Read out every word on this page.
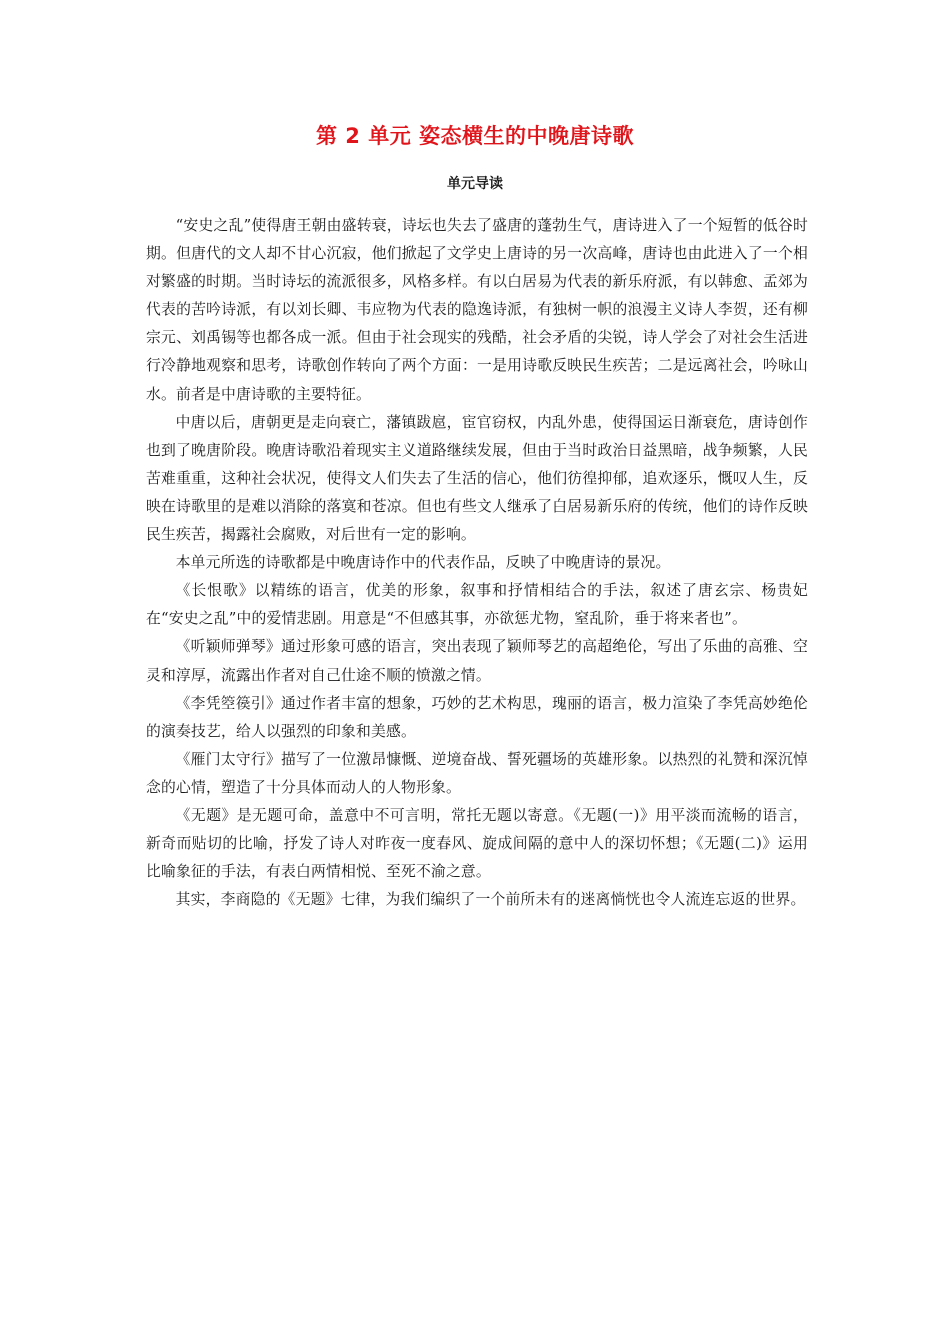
第 2 单元 姿态横生的中晚唐诗歌
单元导读

“安史之乱”使得唐王朝由盛转衰，诗坛也失去了盛唐的蓬勃生气，唐诗进入了一个短暂的低谷时期。但唐代的文人却不甘心沉寂，他们掀起了文学史上唐诗的另一次高峰，唐诗也由此进入了一个相对繁盛的时期。当时诗坛的流派很多，风格多样。有以白居易为代表的新乐府派，有以韩愈、孟郊为代表的苦吟诗派，有以刘长卿、韦应物为代表的隐逸诗派，有独树一帜的浪漫主义诗人李贺，还有柳宗元、刘禹锡等也都各成一派。但由于社会现实的残酷，社会矛盾的尖锐，诗人学会了对社会生活进行冷静地观察和思考，诗歌创作转向了两个方面：一是用诗歌反映民生疾苦；二是远离社会，吟咏山水。前者是中唐诗歌的主要特征。

中唐以后，唐朝更是走向衰亡，藩镇跋扈，宦官窃权，内乱外患，使得国运日渐衰危，唐诗创作也到了晚唐阶段。晚唐诗歌沿着现实主义道路继续发展，但由于当时政治日益黑暗，战争频繁，人民苦难重重，这种社会状况，使得文人们失去了生活的信心，他们彷徨抑郁，追欢逐乐，慨叹人生，反映在诗歌里的是难以消除的落寞和苍凉。但也有些文人继承了白居易新乐府的传统，他们的诗作反映民生疾苦，揭露社会腐败，对后世有一定的影响。

本单元所选的诗歌都是中晚唐诗作中的代表作品，反映了中晚唐诗的景况。

《长恨歌》以精练的语言，优美的形象，叙事和抒情相结合的手法，叙述了唐玄宗、杨贵妃在“安史之乱”中的爱情悲剧。用意是“不但感其事，亦欲惩尤物，窒乱阶，垂于将来者也”。

《听颖师弹琴》通过形象可感的语言，突出表现了颖师琴艺的高超绝伦，写出了乐曲的高雅、空灵和淳厚，流露出作者对自己仕途不顺的愤激之情。

《李凭箜篌引》通过作者丰富的想象，巧妙的艺术构思，瑰丽的语言，极力渲染了李凭高妙绝伦的演奏技艺，给人以强烈的印象和美感。

《雁门太守行》描写了一位激昂慷慨、逆境奋战、誓死疆场的英雄形象。以热烈的礼赞和深沉悼念的心情，塑造了十分具体而动人的人物形象。

《无题》是无题可命，盖意中不可言明，常托无题以寄意。《无题(一)》用平淡而流畅的语言，新奇而贴切的比喻，抒发了诗人对昨夜一度春风、旋成间隔的意中人的深切怀想；《无题(二)》运用比喻象征的手法，有表白两情相悦、至死不渝之意。

其实，李商隐的《无题》七律，为我们编织了一个前所未有的迷离惝恍也令人流连忘返的世界。
